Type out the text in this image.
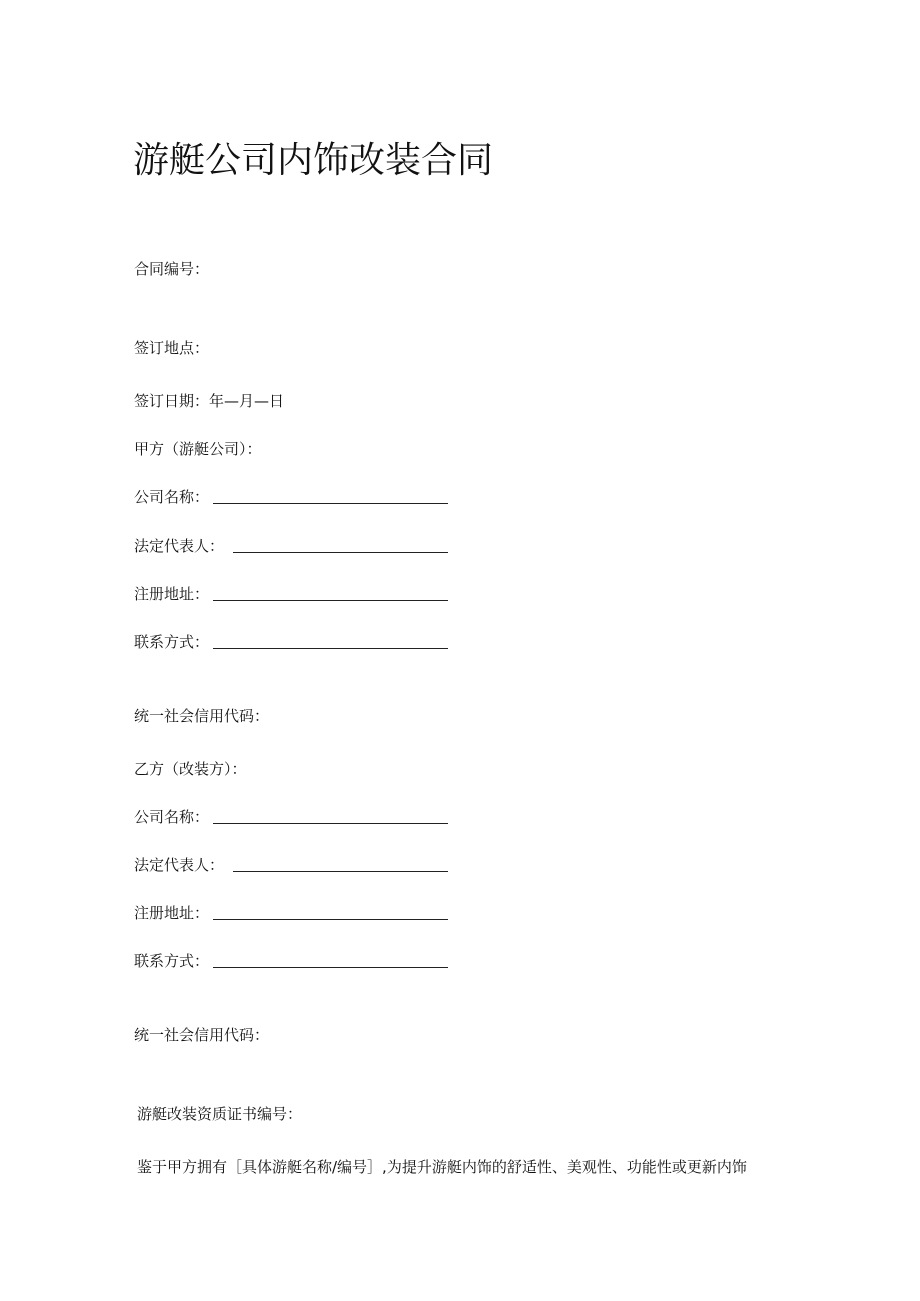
游艇公司内饰改装合同
合同编号：
签订地点：
签订日期：年—月—日
甲方（游艇公司）：
公司名称：
法定代表人：
注册地址：
联系方式：
统一社会信用代码：
乙方（改装方）：
公司名称：
法定代表人：
注册地址：
联系方式：
统一社会信用代码：
游艇改装资质证书编号：
鉴于甲方拥有［具体游艇名称/编号］,为提升游艇内饰的舒适性、美观性、功能性或更新内饰
